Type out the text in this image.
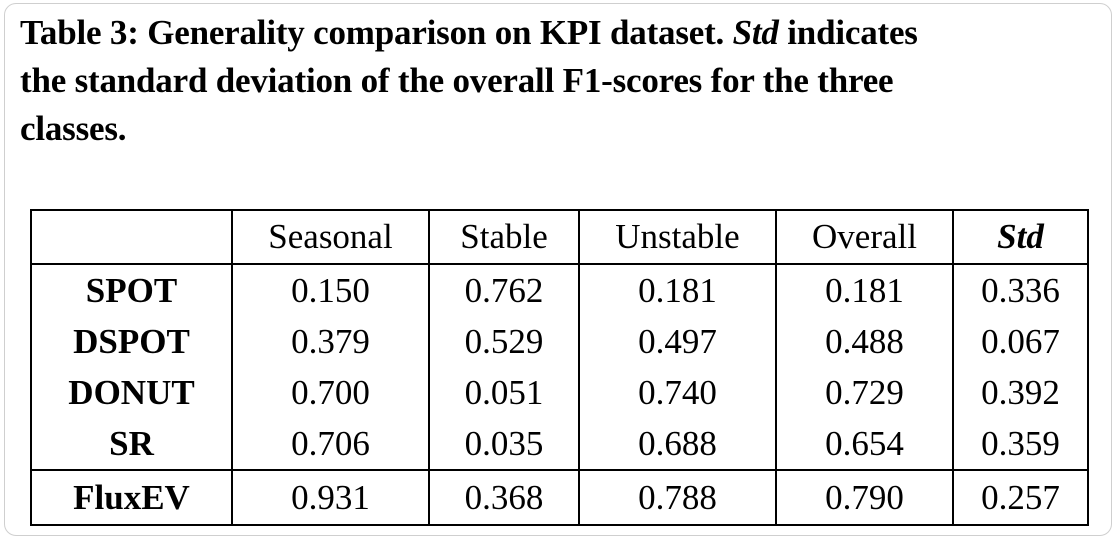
Table 3: Generality comparison on KPI dataset. Std indicates
the standard deviation of the overall F1-scores for the three
classes.

	Seasonal	Stable	Unstable	Overall	Std
SPOT	0.150	0.762	0.181	0.181	0.336
DSPOT	0.379	0.529	0.497	0.488	0.067
DONUT	0.700	0.051	0.740	0.729	0.392
SR	0.706	0.035	0.688	0.654	0.359
FluxEV	0.931	0.368	0.788	0.790	0.257
